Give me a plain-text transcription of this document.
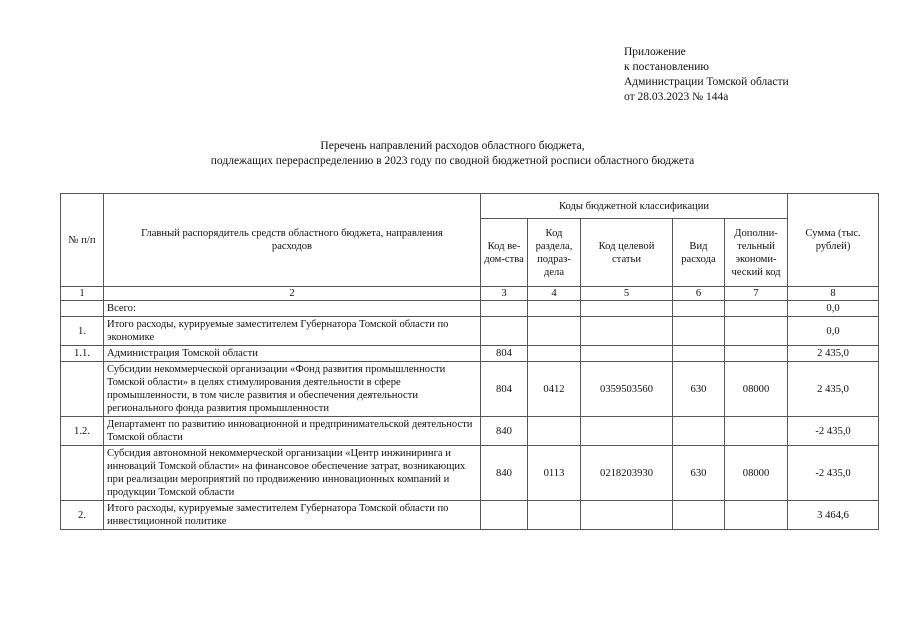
Приложение
к постановлению
Администрации Томской области
от 28.03.2023 № 144а
Перечень направлений расходов областного бюджета,
подлежащих перераспределению в 2023 году по сводной бюджетной росписи областного бюджета
№ п/п	Главный распорядитель средств областного бюджета, направления расходов	Коды бюджетной классификации					Сумма (тыс. рублей)
		Код ве-дом-ства	Код раздела, подраз-дела	Код целевой статьи	Вид расхода	Дополни-тельный экономи-ческий код	
1	2	3	4	5	6	7	8
	Всего:						0,0
1.	Итого расходы, курируемые заместителем Губернатора Томской области по экономике						0,0
1.1.	Администрация Томской области	804					2 435,0
	Субсидии некоммерческой организации «Фонд развития промышленности Томской области» в целях стимулирования деятельности в сфере промышленности, в том числе развития и обеспечения деятельности регионального фонда развития промышленности	804	0412	0359503560	630	08000	2 435,0
1.2.	Департамент по развитию инновационной и предпринимательской деятельности Томской области	840					-2 435,0
	Субсидия автономной некоммерческой организации «Центр инжиниринга и инноваций Томской области» на финансовое обеспечение затрат, возникающих при реализации мероприятий по продвижению инновационных компаний и продукции Томской области	840	0113	0218203930	630	08000	-2 435,0
2.	Итого расходы, курируемые заместителем Губернатора Томской области по инвестиционной политике						3 464,6
